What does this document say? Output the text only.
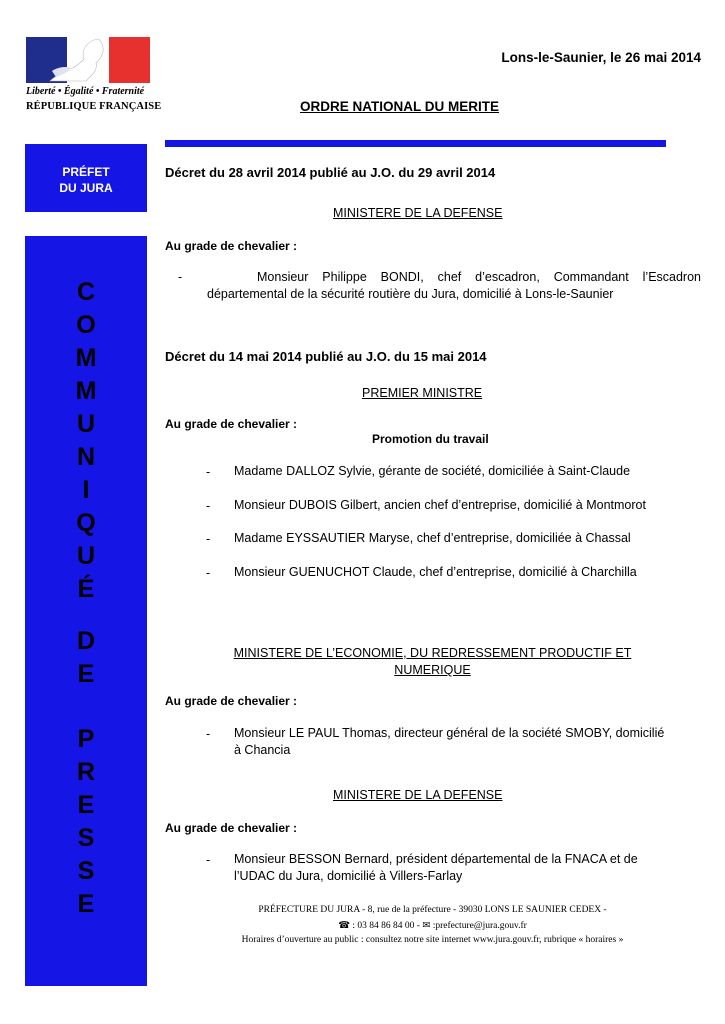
Liberté • Égalité • Fraternité
RÉPUBLIQUE FRANÇAISE
Lons-le-Saunier, le 26 mai 2014
ORDRE NATIONAL DU MERITE
PRÉFET
DU JURA
C
O
M
M
U
N
I
Q
U
É
D
E
P
R
E
S
S
E
Décret du 28 avril 2014 publié au J.O. du 29 avril 2014
MINISTERE DE LA DEFENSE
Au grade de chevalier :
-	Monsieur Philippe BONDI, chef d’escadron, Commandant l’Escadron
départemental de la sécurité routière du Jura, domicilié à Lons-le-Saunier
Décret du 14 mai 2014 publié au J.O. du 15 mai 2014
PREMIER MINISTRE
Au grade de chevalier :
Promotion du travail
- Madame DALLOZ Sylvie, gérante de société, domiciliée à Saint-Claude
- Monsieur DUBOIS Gilbert, ancien chef d’entreprise, domicilié à Montmorot
- Madame EYSSAUTIER Maryse, chef d’entreprise, domiciliée à Chassal
- Monsieur GUENUCHOT Claude, chef d’entreprise, domicilié à Charchilla
MINISTERE DE L’ECONOMIE, DU REDRESSEMENT PRODUCTIF ET
NUMERIQUE
Au grade de chevalier :
- Monsieur LE PAUL Thomas, directeur général de la société SMOBY, domicilié
à Chancia
MINISTERE DE LA DEFENSE
Au grade de chevalier :
- Monsieur BESSON Bernard, président départemental de la FNACA et de
l’UDAC du Jura, domicilié à Villers-Farlay
PRÉFECTURE DU JURA - 8, rue de la préfecture - 39030 LONS LE SAUNIER CEDEX -
☎ : 03 84 86 84 00 - ✉ :prefecture@jura.gouv.fr
Horaires d’ouverture au public : consultez notre site internet www.jura.gouv.fr, rubrique « horaires »
